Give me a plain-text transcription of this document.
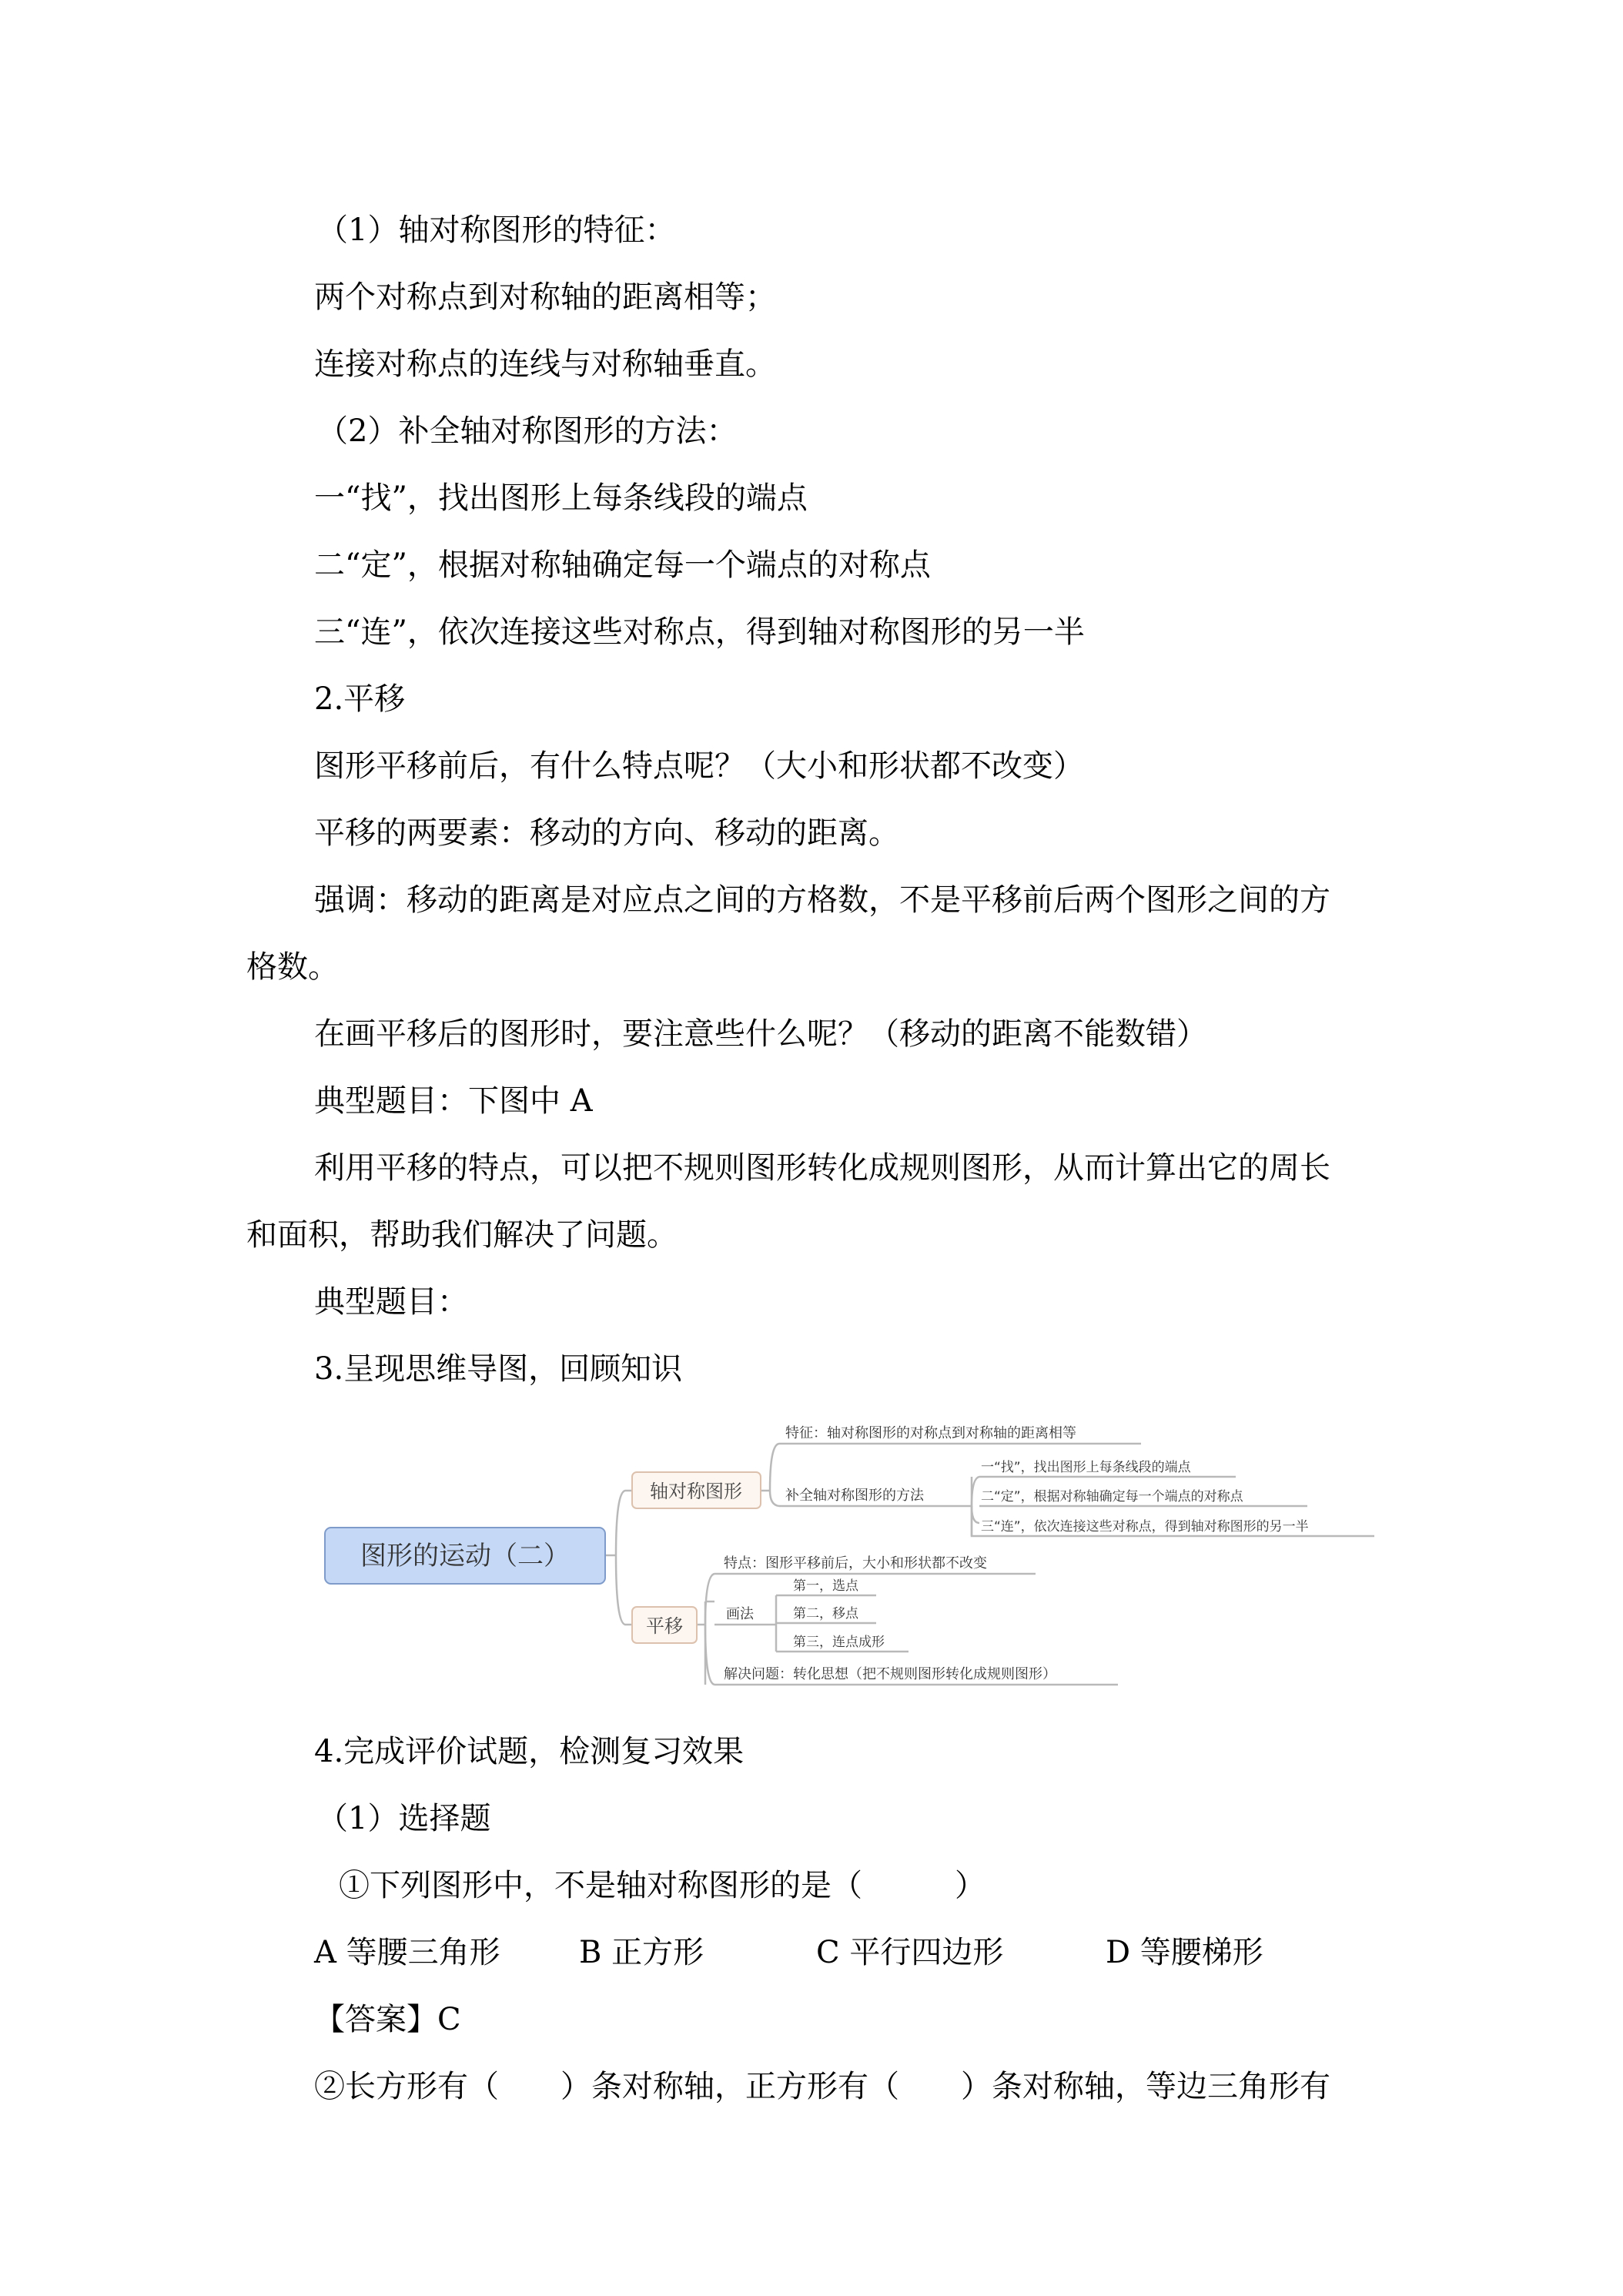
（1）轴对称图形的特征：
两个对称点到对称轴的距离相等；
连接对称点的连线与对称轴垂直。
（2）补全轴对称图形的方法：
一“找”，找出图形上每条线段的端点
二“定”，根据对称轴确定每一个端点的对称点
三“连”，依次连接这些对称点，得到轴对称图形的另一半
2.平移
图形平移前后，有什么特点呢？（大小和形状都不改变）
平移的两要素：移动的方向、移动的距离。
强调：移动的距离是对应点之间的方格数，不是平移前后两个图形之间的方
格数。
在画平移后的图形时，要注意些什么呢？（移动的距离不能数错）
典型题目：下图中 A
利用平移的特点，可以把不规则图形转化成规则图形，从而计算出它的周长
和面积，帮助我们解决了问题。
典型题目：
3.呈现思维导图，回顾知识
图形的运动（二）
轴对称图形
平移
特征：轴对称图形的对称点到对称轴的距离相等
补全轴对称图形的方法
一“找”，找出图形上每条线段的端点
二“定”，根据对称轴确定每一个端点的对称点
三“连”，依次连接这些对称点，得到轴对称图形的另一半
特点：图形平移前后，大小和形状都不改变
画法
第一，选点
第二，移点
第三，连点成形
解决问题：转化思想（把不规则图形转化成规则图形）
4.完成评价试题，检测复习效果
（1）选择题
①下列图形中，不是轴对称图形的是（　　　）
A 等腰三角形	B 正方形	C 平行四边形	D 等腰梯形
【答案】C
②长方形有（　　）条对称轴，正方形有（　　）条对称轴，等边三角形有
